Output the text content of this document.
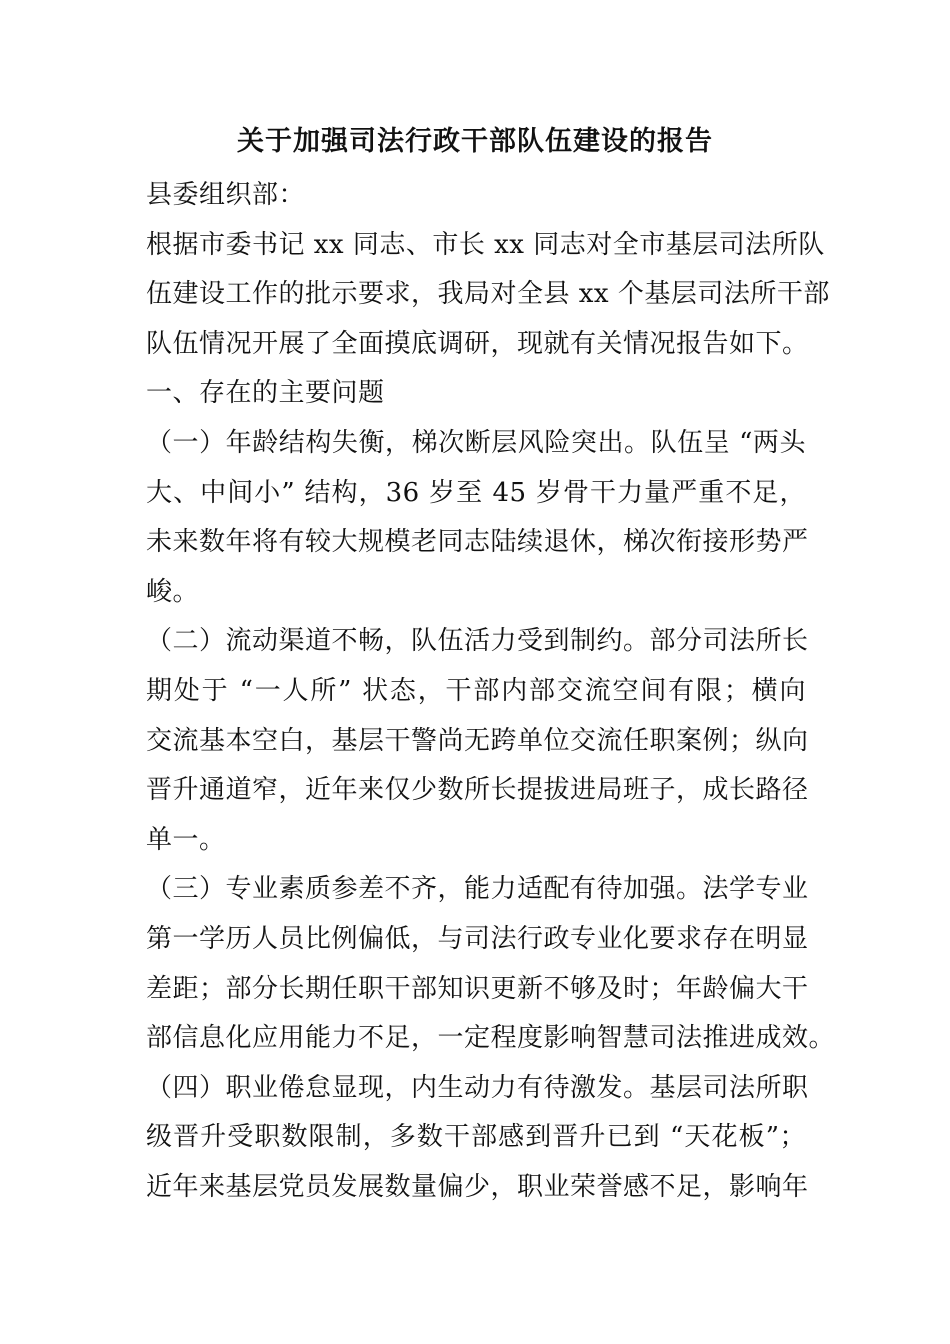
关于加强司法行政干部队伍建设的报告
县委组织部：
根据市委书记 xx 同志、市长 xx 同志对全市基层司法所队
伍建设工作的批示要求，我局对全县 xx 个基层司法所干部
队伍情况开展了全面摸底调研，现就有关情况报告如下。
一、存在的主要问题
（一）年龄结构失衡，梯次断层风险突出。队伍呈 “两头
大、中间小” 结构，36 岁至 45 岁骨干力量严重不足，
未来数年将有较大规模老同志陆续退休，梯次衔接形势严
峻。
（二）流动渠道不畅，队伍活力受到制约。部分司法所长
期处于 “一人所” 状态，干部内部交流空间有限；横向
交流基本空白，基层干警尚无跨单位交流任职案例；纵向
晋升通道窄，近年来仅少数所长提拔进局班子，成长路径
单一。
（三）专业素质参差不齐，能力适配有待加强。法学专业
第一学历人员比例偏低，与司法行政专业化要求存在明显
差距；部分长期任职干部知识更新不够及时；年龄偏大干
部信息化应用能力不足，一定程度影响智慧司法推进成效。
（四）职业倦怠显现，内生动力有待激发。基层司法所职
级晋升受职数限制，多数干部感到晋升已到 “天花板”；
近年来基层党员发展数量偏少，职业荣誉感不足，影响年
